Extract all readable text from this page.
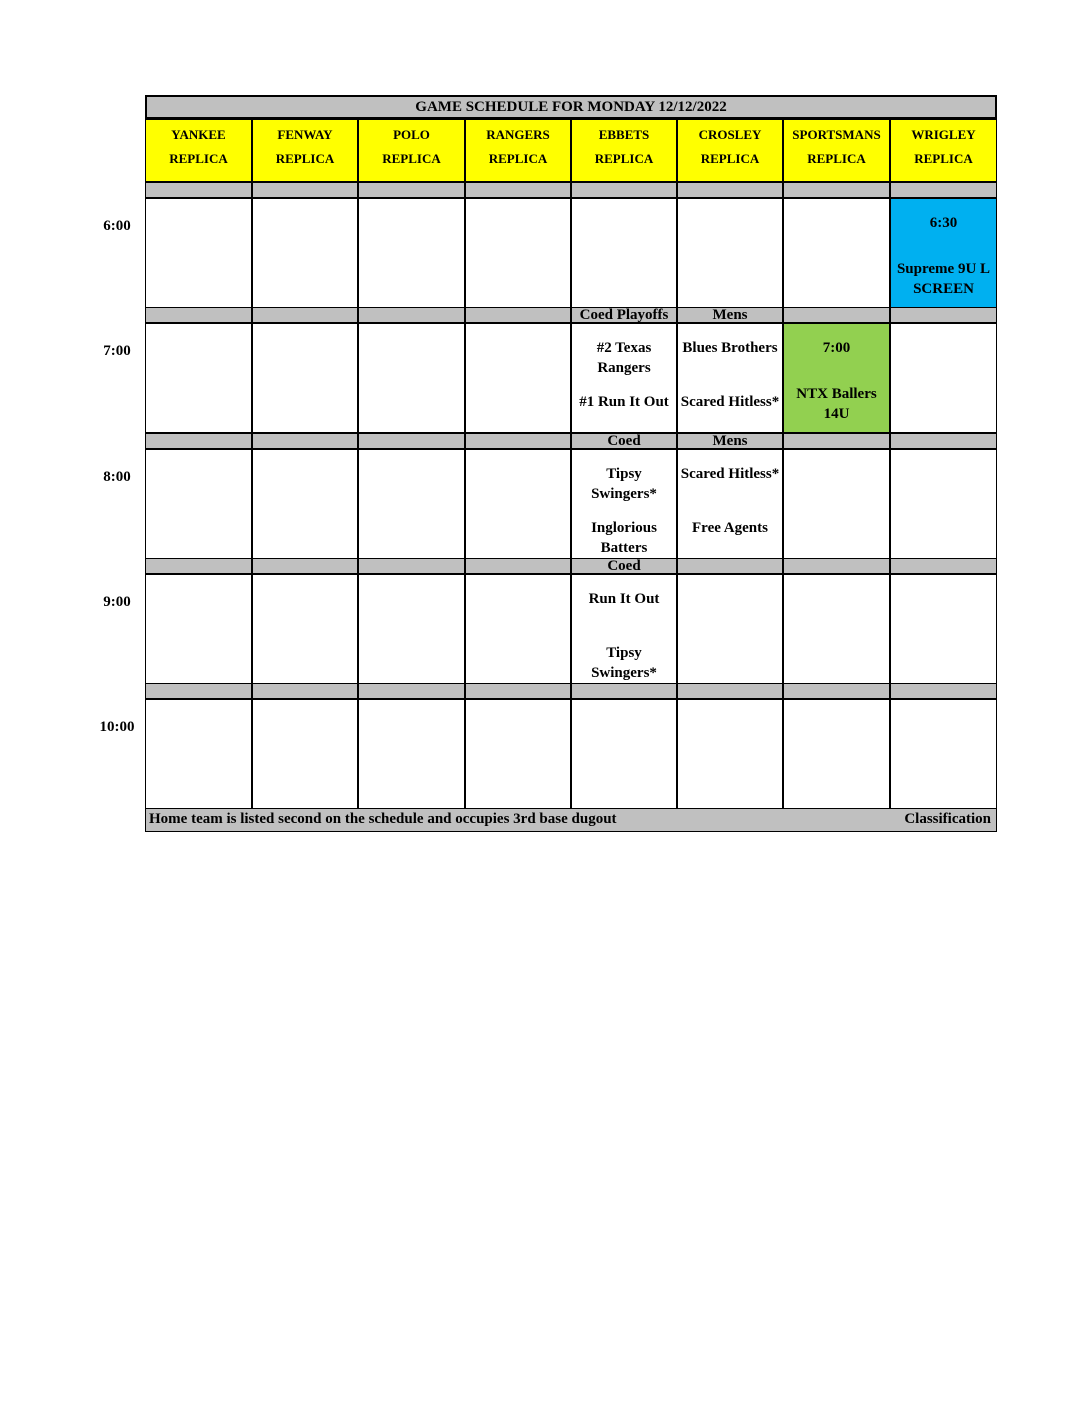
GAME SCHEDULE FOR MONDAY 12/12/2022
YANKEE
REPLICA
FENWAY
REPLICA
POLO
REPLICA
RANGERS
REPLICA
EBBETS
REPLICA
CROSLEY
REPLICA
SPORTSMANS
REPLICA
WRIGLEY
REPLICA
6:30
Supreme 9U L SCREEN
Coed Playoffs
#2 Texas Rangers
#1 Run It Out
Mens
Blues Brothers
Scared Hitless*
7:00
NTX Ballers 14U
Coed
Tipsy Swingers*
Inglorious Batters
Mens
Scared Hitless*
Free Agents
Coed
Run It Out
Tipsy Swingers*
Home team is listed second on the schedule and occupies 3rd base dugout	Classification
6:00
7:00
8:00
9:00
10:00
